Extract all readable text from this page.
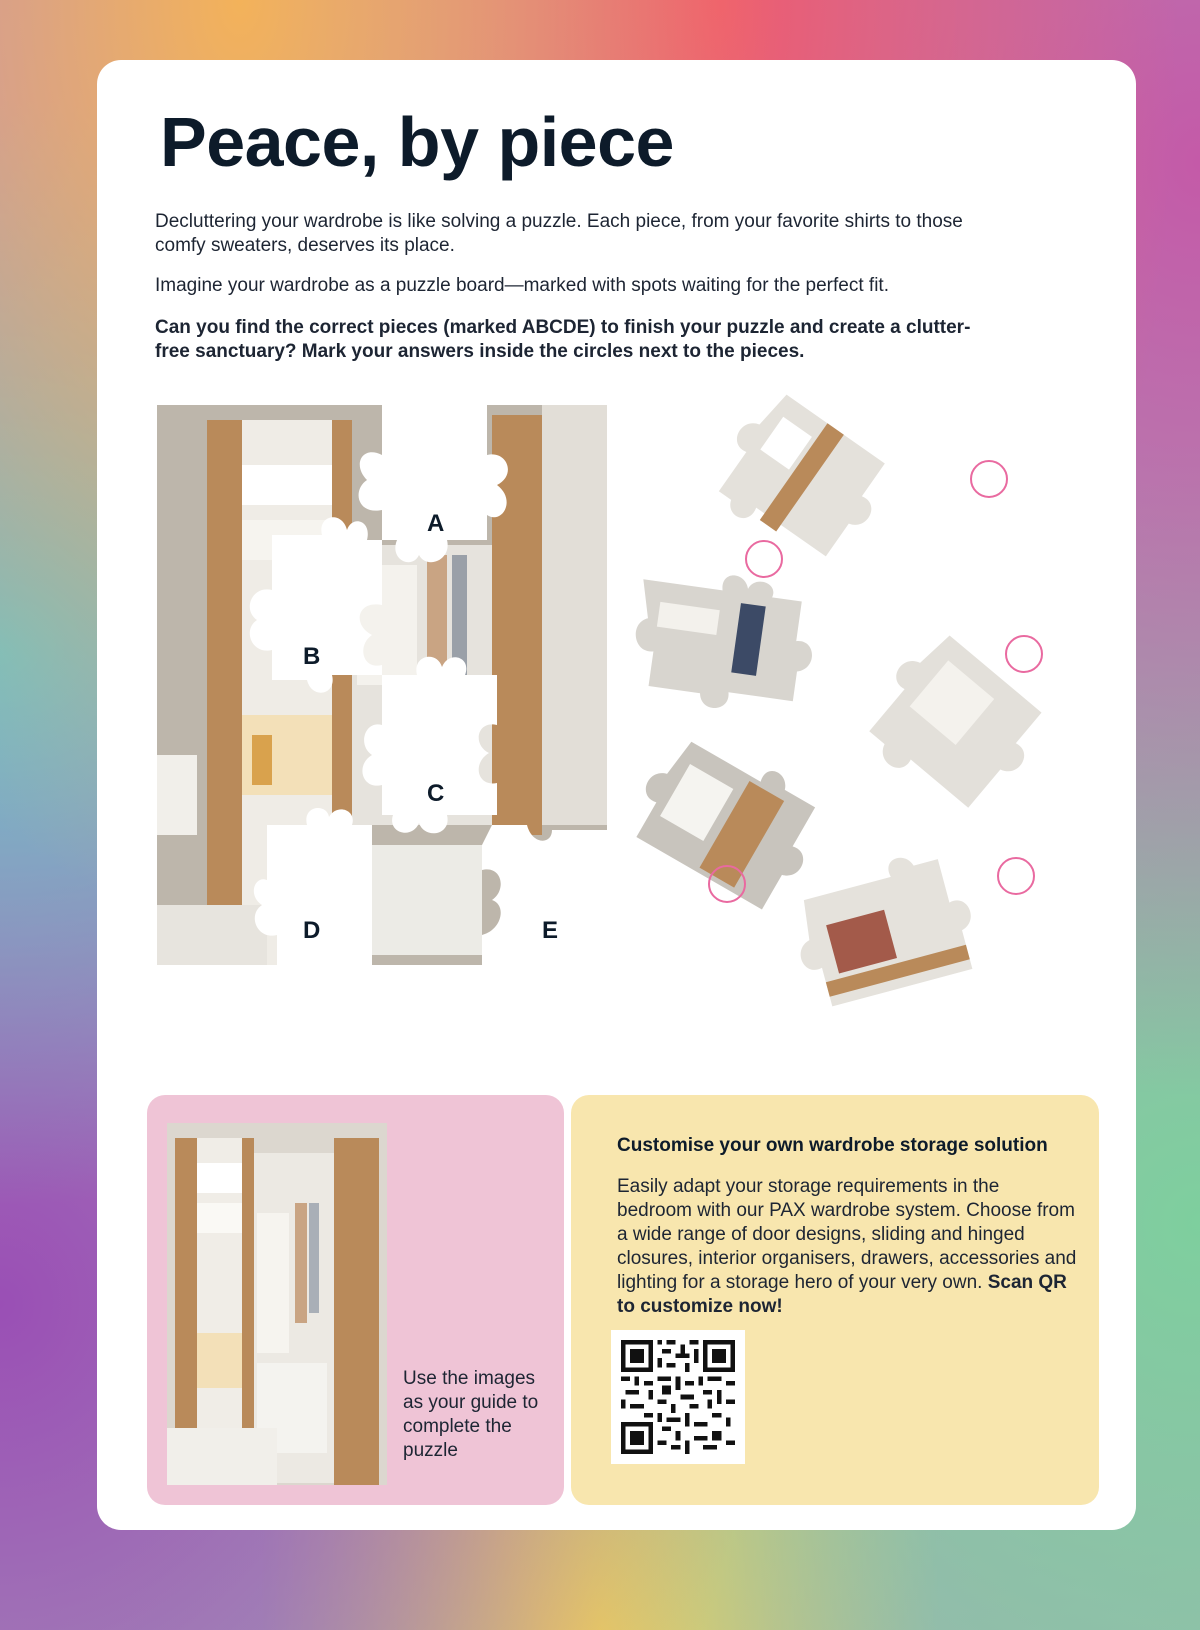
Peace, by piece

Decluttering your wardrobe is like solving a puzzle. Each piece, from your favorite shirts to those comfy sweaters, deserves its place.

Imagine your wardrobe as a puzzle board—marked with spots waiting for the perfect fit.

Can you find the correct pieces (marked ABCDE) to finish your puzzle and create a clutter-free sanctuary? Mark your answers inside the circles next to the pieces.

A
B
C
D	E

Use the images as your guide to complete the puzzle

Customise your own wardrobe storage solution

Easily adapt your storage requirements in the bedroom with our PAX wardrobe system. Choose from a wide range of door designs, sliding and hinged closures, interior organisers, drawers, accessories and lighting for a storage hero of your very own. Scan QR to customize now!
